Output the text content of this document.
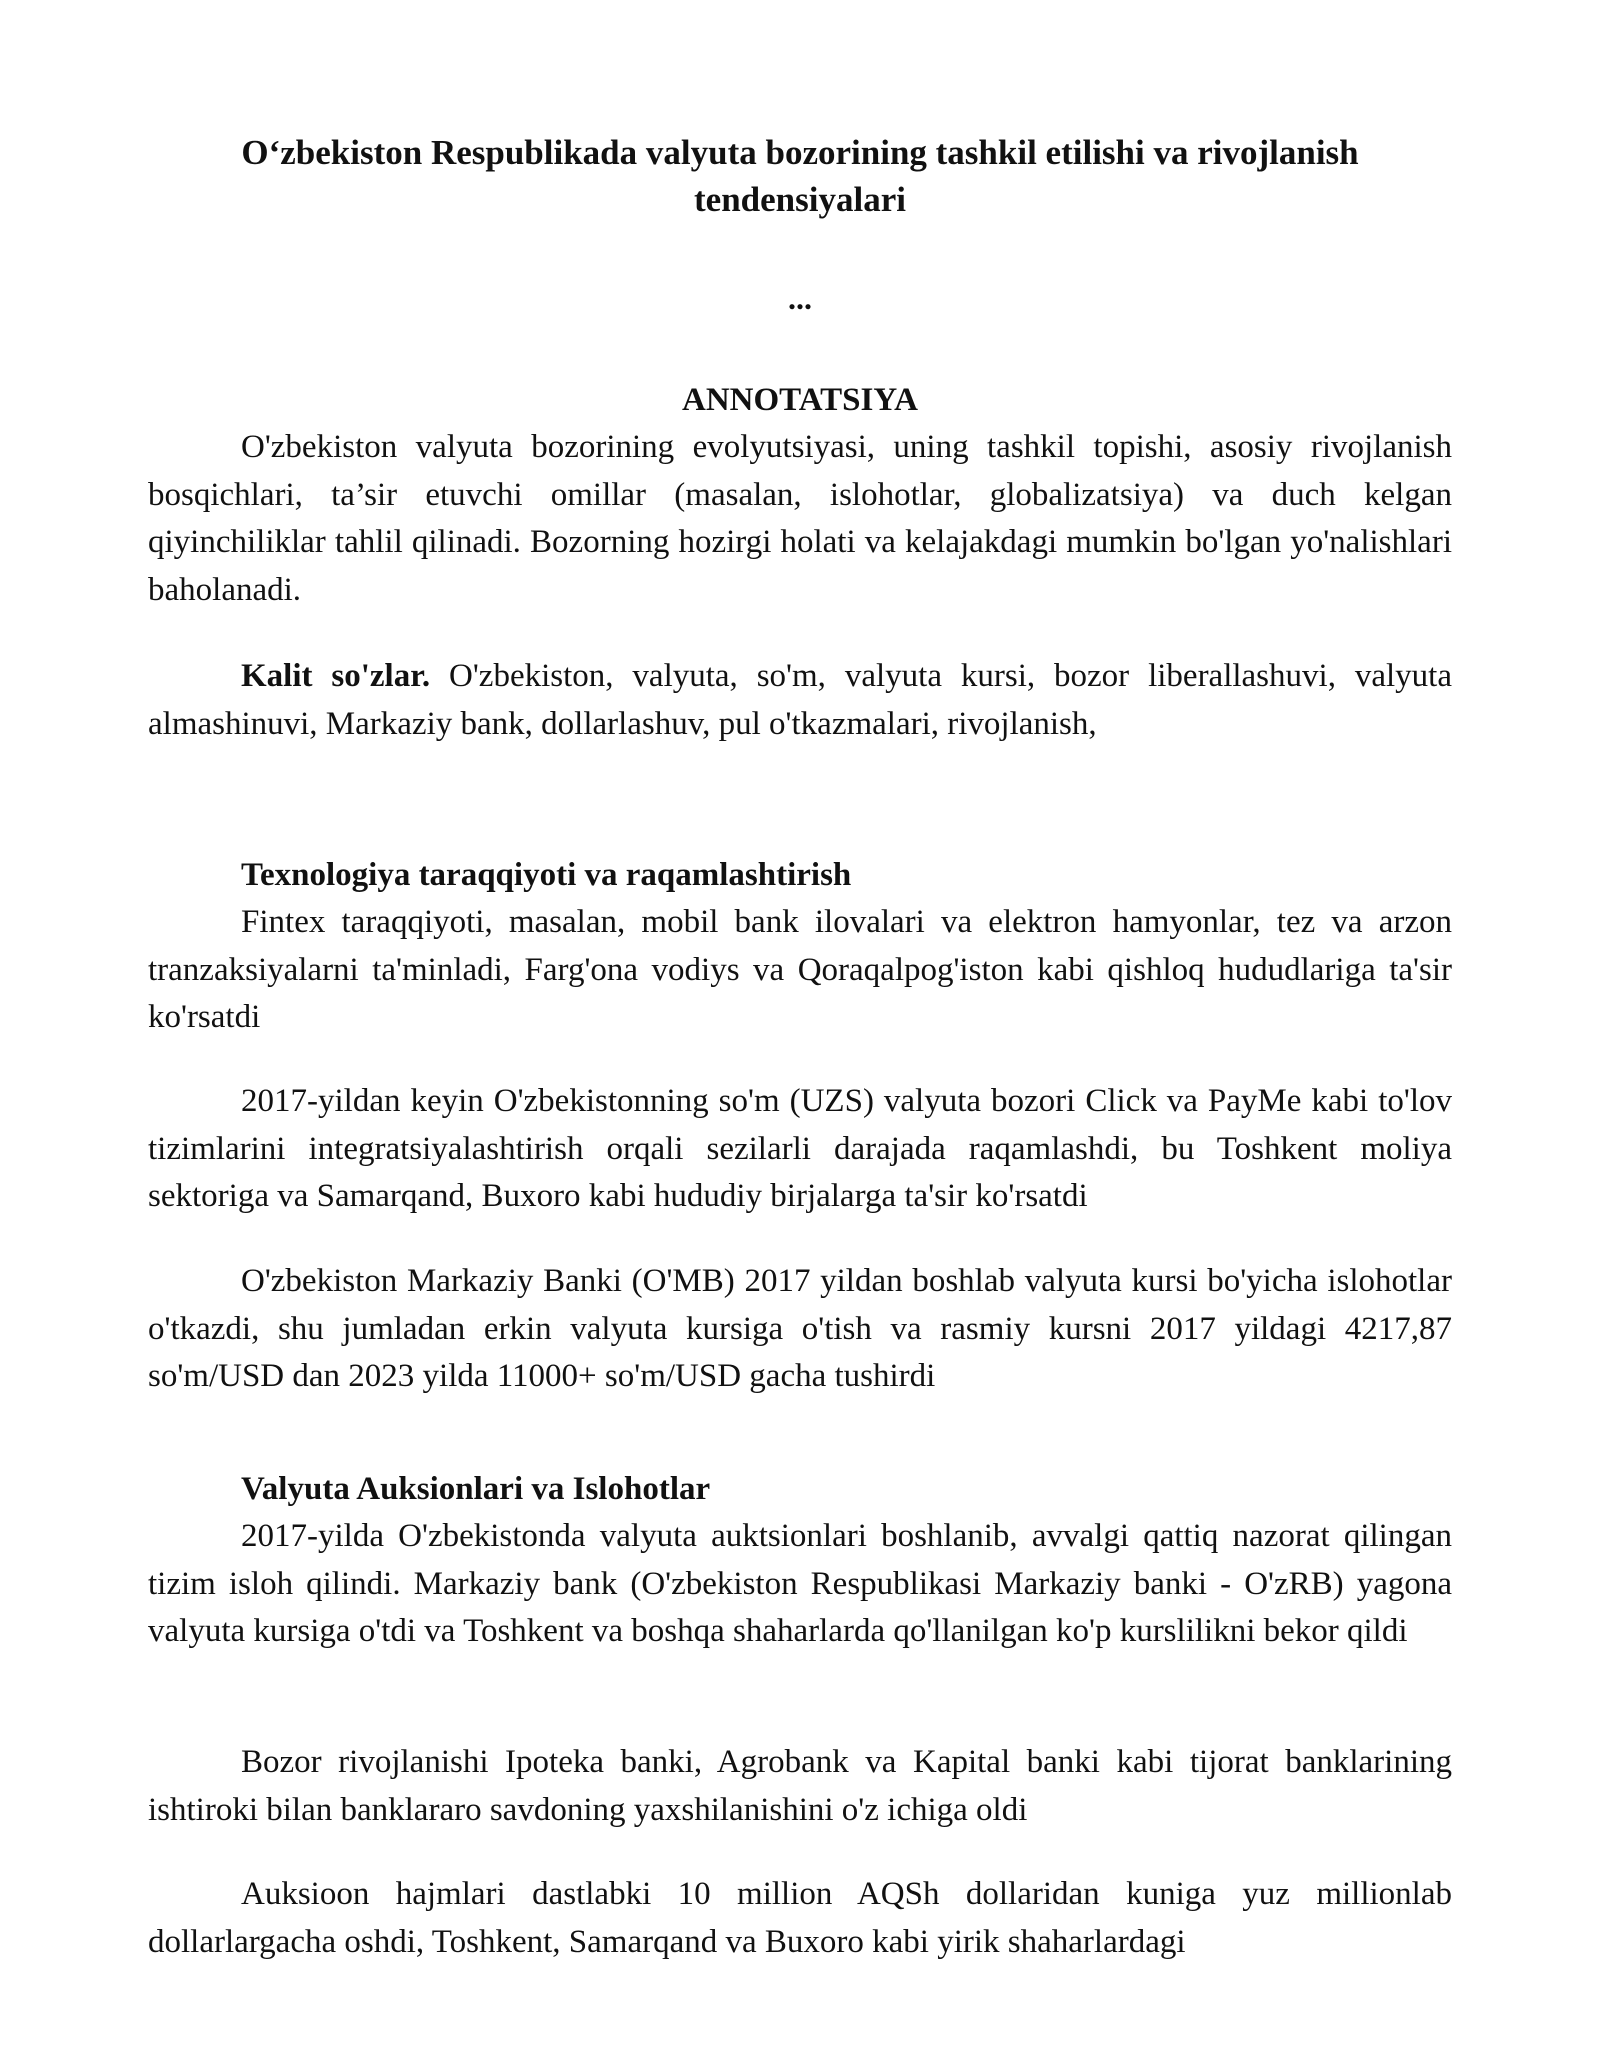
O‘zbekiston Respublikada valyuta bozorining tashkil etilishi va rivojlanish tendensiyalari

...

ANNOTATSIYA

O'zbekiston valyuta bozorining evolyutsiyasi, uning tashkil topishi, asosiy rivojlanish bosqichlari, ta’sir etuvchi omillar (masalan, islohotlar, globalizatsiya) va duch kelgan qiyinchiliklar tahlil qilinadi. Bozorning hozirgi holati va kelajakdagi mumkin bo'lgan yo'nalishlari baholanadi.

Kalit so'zlar. O'zbekiston, valyuta, so'm, valyuta kursi, bozor liberallashuvi, valyuta almashinuvi, Markaziy bank, dollarlashuv, pul o'tkazmalari, rivojlanish,

Texnologiya taraqqiyoti va raqamlashtirish

Fintex taraqqiyoti, masalan, mobil bank ilovalari va elektron hamyonlar, tez va arzon tranzaksiyalarni ta'minladi, Farg'ona vodiys va Qoraqalpog'iston kabi qishloq hududlariga ta'sir ko'rsatdi

2017-yildan keyin O'zbekistonning so'm (UZS) valyuta bozori Click va PayMe kabi to'lov tizimlarini integratsiyalashtirish orqali sezilarli darajada raqamlashdi, bu Toshkent moliya sektoriga va Samarqand, Buxoro kabi hududiy birjalarga ta'sir ko'rsatdi

O'zbekiston Markaziy Banki (O'MB) 2017 yildan boshlab valyuta kursi bo'yicha islohotlar o'tkazdi, shu jumladan erkin valyuta kursiga o'tish va rasmiy kursni 2017 yildagi 4217,87 so'm/USD dan 2023 yilda 11000+ so'm/USD gacha tushirdi

Valyuta Auksionlari va Islohotlar

2017-yilda O'zbekistonda valyuta auktsionlari boshlanib, avvalgi qattiq nazorat qilingan tizim isloh qilindi. Markaziy bank (O'zbekiston Respublikasi Markaziy banki - O'zRB) yagona valyuta kursiga o'tdi va Toshkent va boshqa shaharlarda qo'llanilgan ko'p kurslilikni bekor qildi

Bozor rivojlanishi Ipoteka banki, Agrobank va Kapital banki kabi tijorat banklarining ishtiroki bilan banklararo savdoning yaxshilanishini o'z ichiga oldi

Auksioon hajmlari dastlabki 10 million AQSh dollaridan kuniga yuz millionlab dollarlargacha oshdi, Toshkent, Samarqand va Buxoro kabi yirik shaharlardagi
